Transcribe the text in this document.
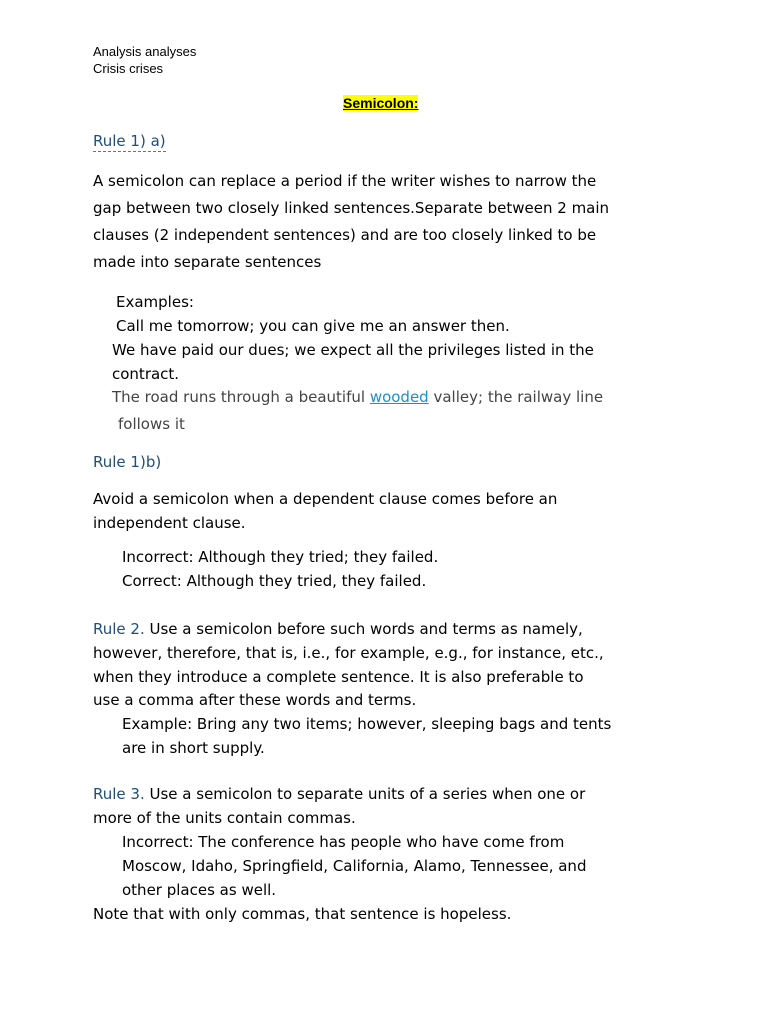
Analysis analyses
Crisis crises
Semicolon:
Rule 1) a)
A semicolon can replace a period if the writer wishes to narrow the
gap between two closely linked sentences.Separate between 2 main
clauses (2 independent sentences) and are too closely linked to be
made into separate sentences
Examples:
Call me tomorrow; you can give me an answer then.
We have paid our dues; we expect all the privileges listed in the
contract.
The road runs through a beautiful wooded valley; the railway line
follows it
Rule 1)b)
Avoid a semicolon when a dependent clause comes before an
independent clause.
Incorrect: Although they tried; they failed.
Correct: Although they tried, they failed.
Rule 2. Use a semicolon before such words and terms as namely,
however, therefore, that is, i.e., for example, e.g., for instance, etc.,
when they introduce a complete sentence. It is also preferable to
use a comma after these words and terms.
Example: Bring any two items; however, sleeping bags and tents
are in short supply.
Rule 3. Use a semicolon to separate units of a series when one or
more of the units contain commas.
Incorrect: The conference has people who have come from
Moscow, Idaho, Springfield, California, Alamo, Tennessee, and
other places as well.
Note that with only commas, that sentence is hopeless.
